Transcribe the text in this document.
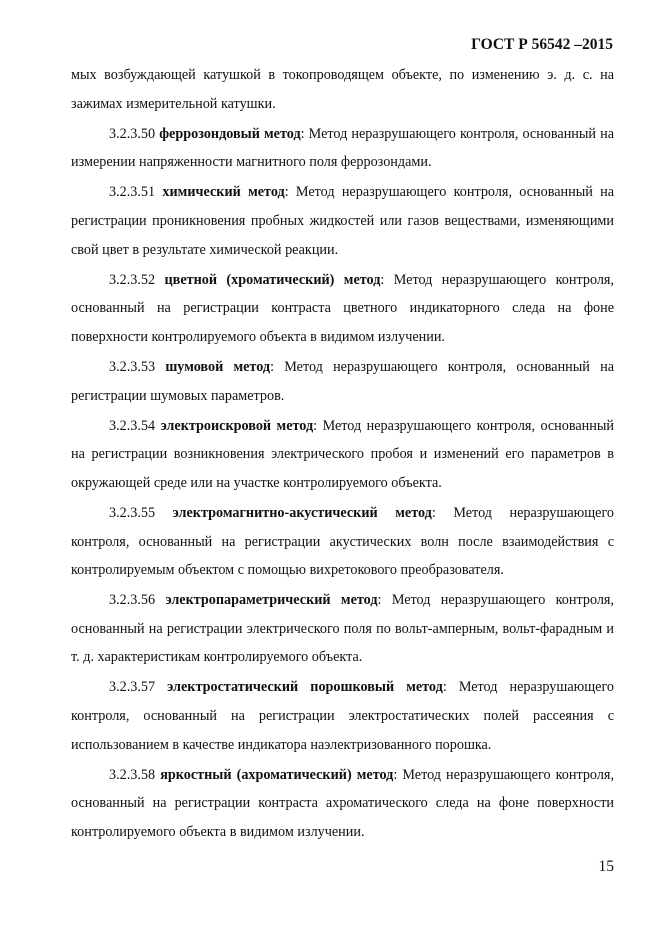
ГОСТ Р 56542 –2015

мых возбуждающей катушкой в токопроводящем объекте, по изменению э. д. с. на зажимах измерительной катушки.

3.2.3.50 феррозондовый метод: Метод неразрушающего контроля, основанный на измерении напряженности магнитного поля феррозондами.

3.2.3.51 химический метод: Метод неразрушающего контроля, основанный на регистрации проникновения пробных жидкостей или газов веществами, изменяющими свой цвет в результате химической реакции.

3.2.3.52 цветной (хроматический) метод: Метод неразрушающего контроля, основанный на регистрации контраста цветного индикаторного следа на фоне поверхности контролируемого объекта в видимом излучении.

3.2.3.53 шумовой метод: Метод неразрушающего контроля, основанный на регистрации шумовых параметров.

3.2.3.54 электроискровой метод: Метод неразрушающего контроля, основанный на регистрации возникновения электрического пробоя и изменений его параметров в окружающей среде или на участке контролируемого объекта.

3.2.3.55 электромагнитно-акустический метод: Метод неразрушающего контроля, основанный на регистрации акустических волн после взаимодействия с контролируемым объектом с помощью вихретокового преобразователя.

3.2.3.56 электропараметрический метод: Метод неразрушающего контроля, основанный на регистрации электрического поля по вольт-амперным, вольт-фарадным и т. д. характеристикам контролируемого объекта.

3.2.3.57 электростатический порошковый метод: Метод неразрушающего контроля, основанный на регистрации электростатических полей рассеяния с использованием в качестве индикатора наэлектризованного порошка.

3.2.3.58 яркостный (ахроматический) метод: Метод неразрушающего контроля, основанный на регистрации контраста ахроматического следа на фоне поверхности контролируемого объекта в видимом излучении.

15
